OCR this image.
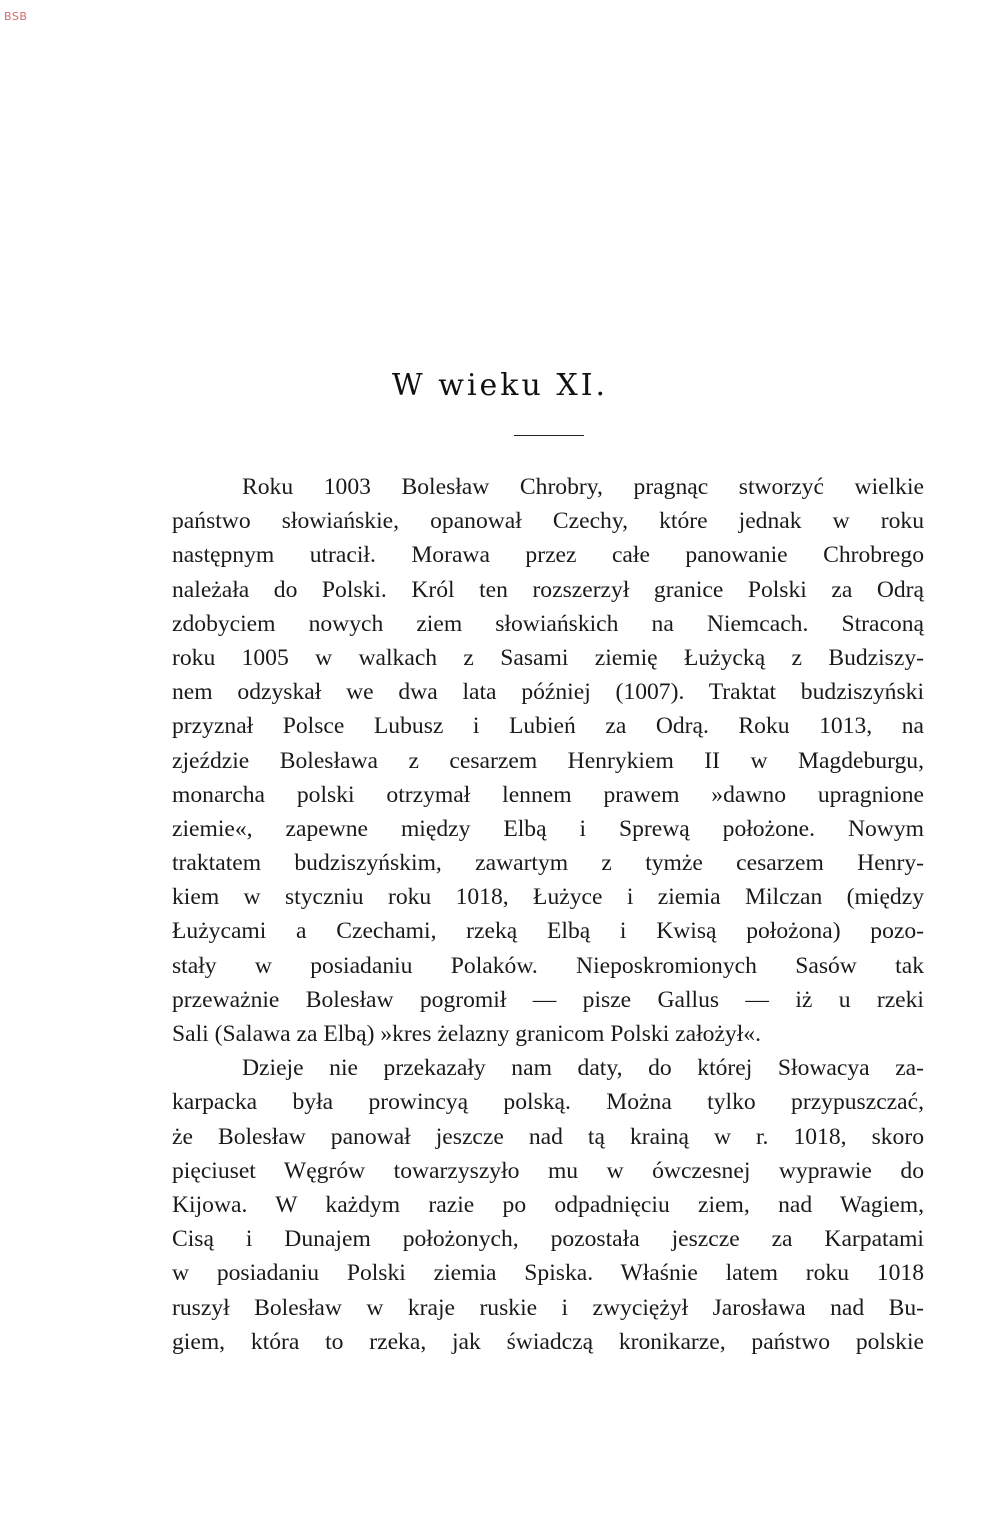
BSB
W wieku XI.
Roku 1003 Bolesław Chrobry, pragnąc stworzyć wielkie
państwo słowiańskie, opanował Czechy, które jednak w roku
następnym utracił. Morawa przez całe panowanie Chrobrego
należała do Polski. Król ten rozszerzył granice Polski za Odrą
zdobyciem nowych ziem słowiańskich na Niemcach. Straconą
roku 1005 w walkach z Sasami ziemię Łużycką z Budziszy-
nem odzyskał we dwa lata później (1007). Traktat budziszyński
przyznał Polsce Lubusz i Lubień za Odrą. Roku 1013, na
zjeździe Bolesława z cesarzem Henrykiem II w Magdeburgu,
monarcha polski otrzymał lennem prawem »dawno upragnione
ziemie«, zapewne między Elbą i Sprewą położone. Nowym
traktatem budziszyńskim, zawartym z tymże cesarzem Henry-
kiem w styczniu roku 1018, Łużyce i ziemia Milczan (między
Łużycami a Czechami, rzeką Elbą i Kwisą położona) pozo-
stały w posiadaniu Polaków. Nieposkromionych Sasów tak
przeważnie Bolesław pogromił — pisze Gallus — iż u rzeki
Sali (Salawa za Elbą) »kres żelazny granicom Polski założył«.
Dzieje nie przekazały nam daty, do której Słowacya za-
karpacka była prowincyą polską. Można tylko przypuszczać,
że Bolesław panował jeszcze nad tą krainą w r. 1018, skoro
pięciuset Węgrów towarzyszyło mu w ówczesnej wyprawie do
Kijowa. W każdym razie po odpadnięciu ziem, nad Wagiem,
Cisą i Dunajem położonych, pozostała jeszcze za Karpatami
w posiadaniu Polski ziemia Spiska. Właśnie latem roku 1018
ruszył Bolesław w kraje ruskie i zwyciężył Jarosława nad Bu-
giem, która to rzeka, jak świadczą kronikarze, państwo polskie
